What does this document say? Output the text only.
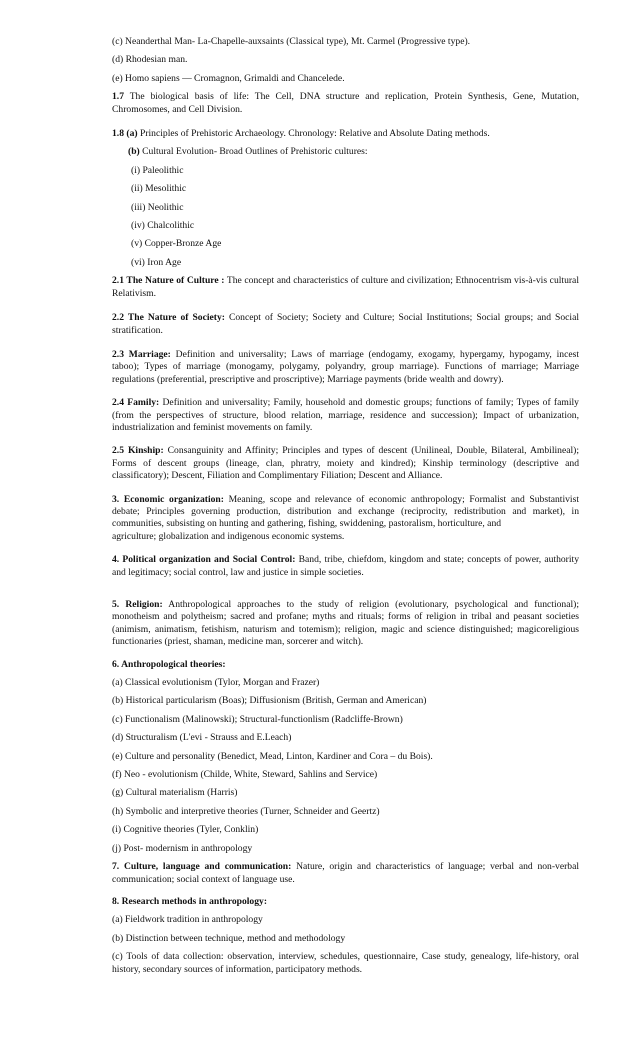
(c) Neanderthal Man- La-Chapelle-auxsaints (Classical type), Mt. Carmel (Progressive type).

(d) Rhodesian man.

(e) Homo sapiens — Cromagnon, Grimaldi and Chancelede.

1.7 The biological basis of life: The Cell, DNA structure and replication, Protein Synthesis, Gene, Mutation, Chromosomes, and Cell Division.

1.8 (a) Principles of Prehistoric Archaeology. Chronology: Relative and Absolute Dating methods.

(b) Cultural Evolution- Broad Outlines of Prehistoric cultures:

(i) Paleolithic

(ii) Mesolithic

(iii) Neolithic

(iv) Chalcolithic

(v) Copper-Bronze Age

(vi) Iron Age

2.1 The Nature of Culture : The concept and characteristics of culture and civilization; Ethnocentrism vis-à-vis cultural Relativism.

2.2 The Nature of Society: Concept of Society; Society and Culture; Social Institutions; Social groups; and Social stratification.

2.3 Marriage: Definition and universality; Laws of marriage (endogamy, exogamy, hypergamy, hypogamy, incest taboo); Types of marriage (monogamy, polygamy, polyandry, group marriage). Functions of marriage; Marriage regulations (preferential, prescriptive and proscriptive); Marriage payments (bride wealth and dowry).

2.4 Family: Definition and universality; Family, household and domestic groups; functions of family; Types of family (from the perspectives of structure, blood relation, marriage, residence and succession); Impact of urbanization, industrialization and feminist movements on family.

2.5 Kinship: Consanguinity and Affinity; Principles and types of descent (Unilineal, Double, Bilateral, Ambilineal); Forms of descent groups (lineage, clan, phratry, moiety and kindred); Kinship terminology (descriptive and classificatory); Descent, Filiation and Complimentary Filiation; Descent and Alliance.

3. Economic organization: Meaning, scope and relevance of economic anthropology; Formalist and Substantivist debate; Principles governing production, distribution and exchange (reciprocity, redistribution and market), in communities, subsisting on hunting and gathering, fishing, swiddening, pastoralism, horticulture, and

agriculture; globalization and indigenous economic systems.

4. Political organization and Social Control: Band, tribe, chiefdom, kingdom and state; concepts of power, authority and legitimacy; social control, law and justice in simple societies.

5. Religion: Anthropological approaches to the study of religion (evolutionary, psychological and functional); monotheism and polytheism; sacred and profane; myths and rituals; forms of religion in tribal and peasant societies (animism, animatism, fetishism, naturism and totemism); religion, magic and science distinguished; magicoreligious functionaries (priest, shaman, medicine man, sorcerer and witch).

6. Anthropological theories:

(a) Classical evolutionism (Tylor, Morgan and Frazer)

(b) Historical particularism (Boas); Diffusionism (British, German and American)

(c) Functionalism (Malinowski); Structural-functionlism (Radcliffe-Brown)

(d) Structuralism (L'evi - Strauss and E.Leach)

(e) Culture and personality (Benedict, Mead, Linton, Kardiner and Cora – du Bois).

(f) Neo - evolutionism (Childe, White, Steward, Sahlins and Service)

(g) Cultural materialism (Harris)

(h) Symbolic and interpretive theories (Turner, Schneider and Geertz)

(i) Cognitive theories (Tyler, Conklin)

(j) Post- modernism in anthropology

7. Culture, language and communication: Nature, origin and characteristics of language; verbal and non-verbal communication; social context of language use.

8. Research methods in anthropology:

(a) Fieldwork tradition in anthropology

(b) Distinction between technique, method and methodology

(c) Tools of data collection: observation, interview, schedules, questionnaire, Case study, genealogy, life-history, oral history, secondary sources of information, participatory methods.
